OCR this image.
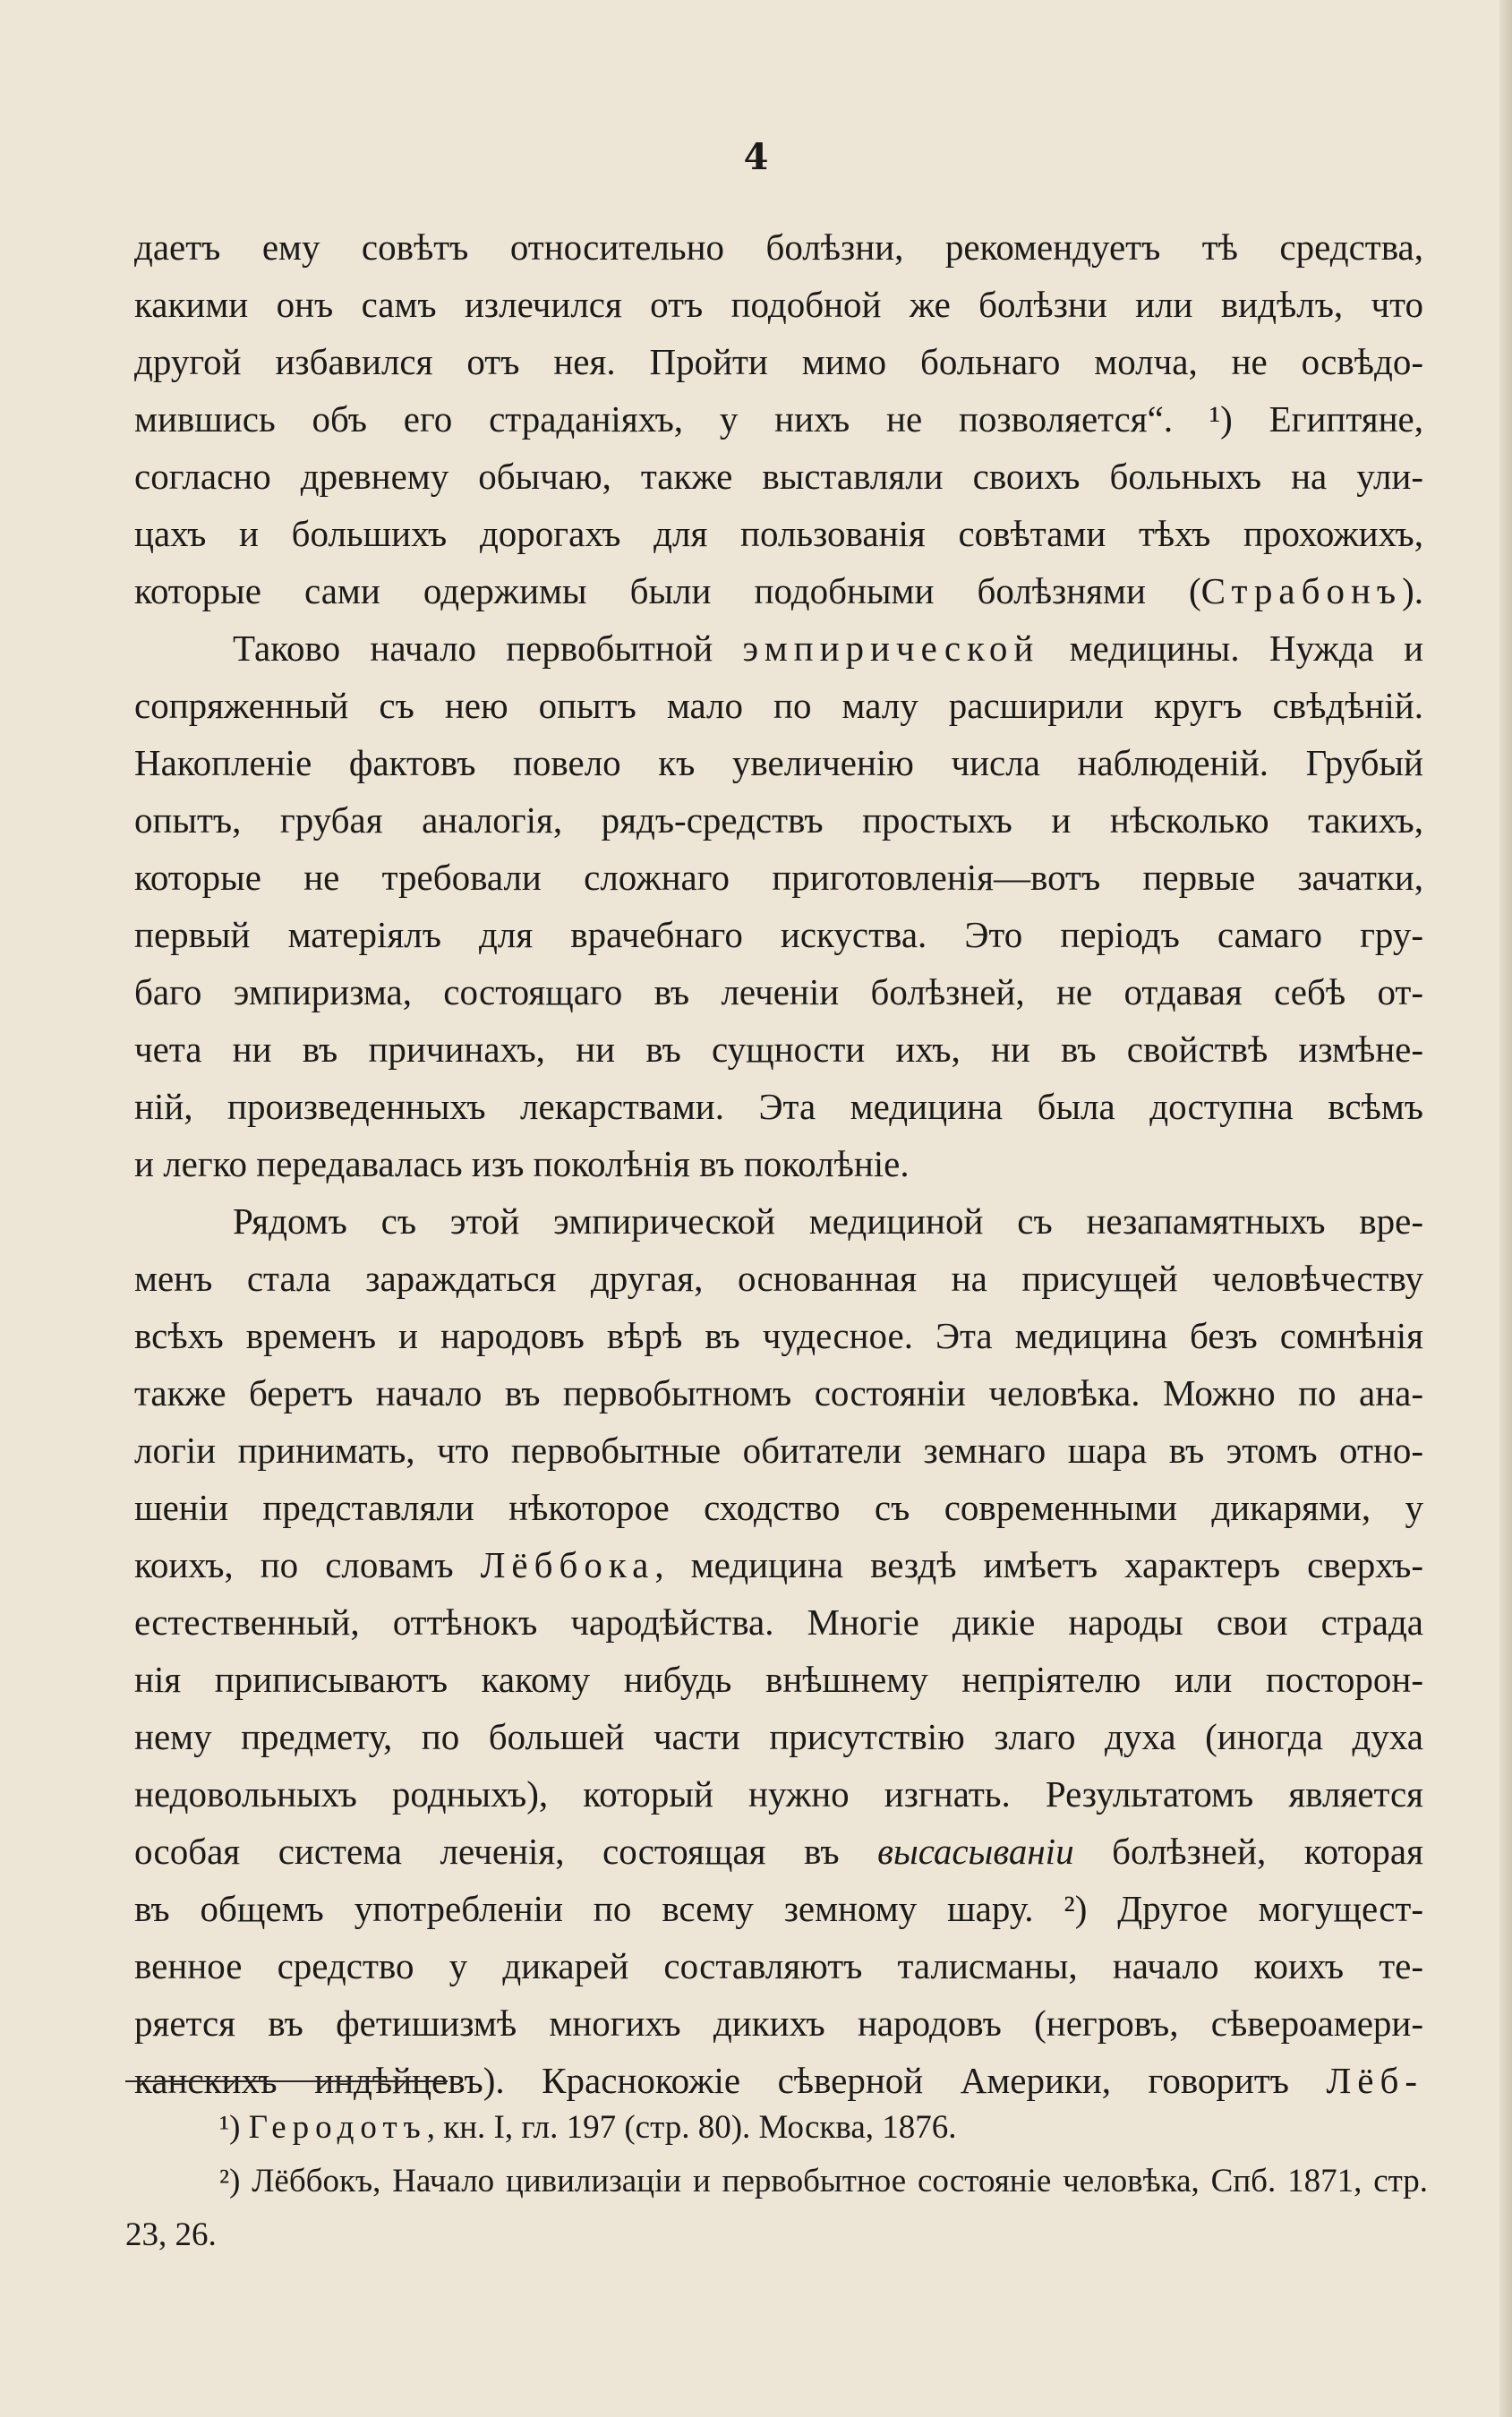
4

даетъ ему совѣтъ относительно болѣзни, рекомендуетъ тѣ средства,

какими онъ самъ излечился отъ подобной же болѣзни или видѣлъ, что

другой избавился отъ нея. Пройти мимо больнаго молча, не освѣдо-

мившись объ его страданіяхъ, у нихъ не позволяется“. ¹) Египтяне,

согласно древнему обычаю, также выставляли своихъ больныхъ на ули-

цахъ и большихъ дорогахъ для пользованія совѣтами тѣхъ прохожихъ,

которые сами одержимы были подобными болѣзнями (Страбонъ).

Таково начало первобытной эмпирической медицины. Нужда и

сопряженный съ нею опытъ мало по малу расширили кругъ свѣдѣній.

Накопленіе фактовъ повело къ увеличенію числа наблюденій. Грубый

опытъ, грубая аналогія, рядъ-средствъ простыхъ и нѣсколько такихъ,

которые не требовали сложнаго приготовленія—вотъ первые зачатки,

первый матеріялъ для врачебнаго искуства. Это періодъ самаго гру-

баго эмпиризма, состоящаго въ леченіи болѣзней, не отдавая себѣ от-

чета ни въ причинахъ, ни въ сущности ихъ, ни въ свойствѣ измѣне-

ній, произведенныхъ лекарствами. Эта медицина была доступна всѣмъ

и легко передавалась изъ поколѣнія въ поколѣніе.

Рядомъ съ этой эмпирической медициной съ незапамятныхъ вре-

менъ стала зараждаться другая, основанная на присущей человѣчеству

всѣхъ временъ и народовъ вѣрѣ въ чудесное. Эта медицина безъ сомнѣнія

также беретъ начало въ первобытномъ состояніи человѣка. Можно по ана-

логіи принимать, что первобытные обитатели земнаго шара въ этомъ отно-

шеніи представляли нѣкоторое сходство съ современными дикарями, у

коихъ, по словамъ Лёббока, медицина вездѣ имѣетъ характеръ сверхъ-

естественный, оттѣнокъ чародѣйства. Многіе дикіе народы свои страда

нія приписываютъ какому нибудь внѣшнему непріятелю или посторон-

нему предмету, по большей части присутствію злаго духа (иногда духа

недовольныхъ родныхъ), который нужно изгнать. Результатомъ является

особая система леченія, состоящая въ высасываніи болѣзней, которая

въ общемъ употребленіи по всему земному шару. ²) Другое могущест-

венное средство у дикарей составляютъ талисманы, начало коихъ те-

ряется въ фетишизмѣ многихъ дикихъ народовъ (негровъ, сѣвероамери-

канскихъ индѣйцевъ). Краснокожіе сѣверной Америки, говоритъ Лёб-

¹) Геродотъ, кн. I, гл. 197 (стр. 80). Москва, 1876.

²) Лёббокъ, Начало цивилизаціи и первобытное состояніе человѣка, Спб. 1871, стр. 23, 26.
